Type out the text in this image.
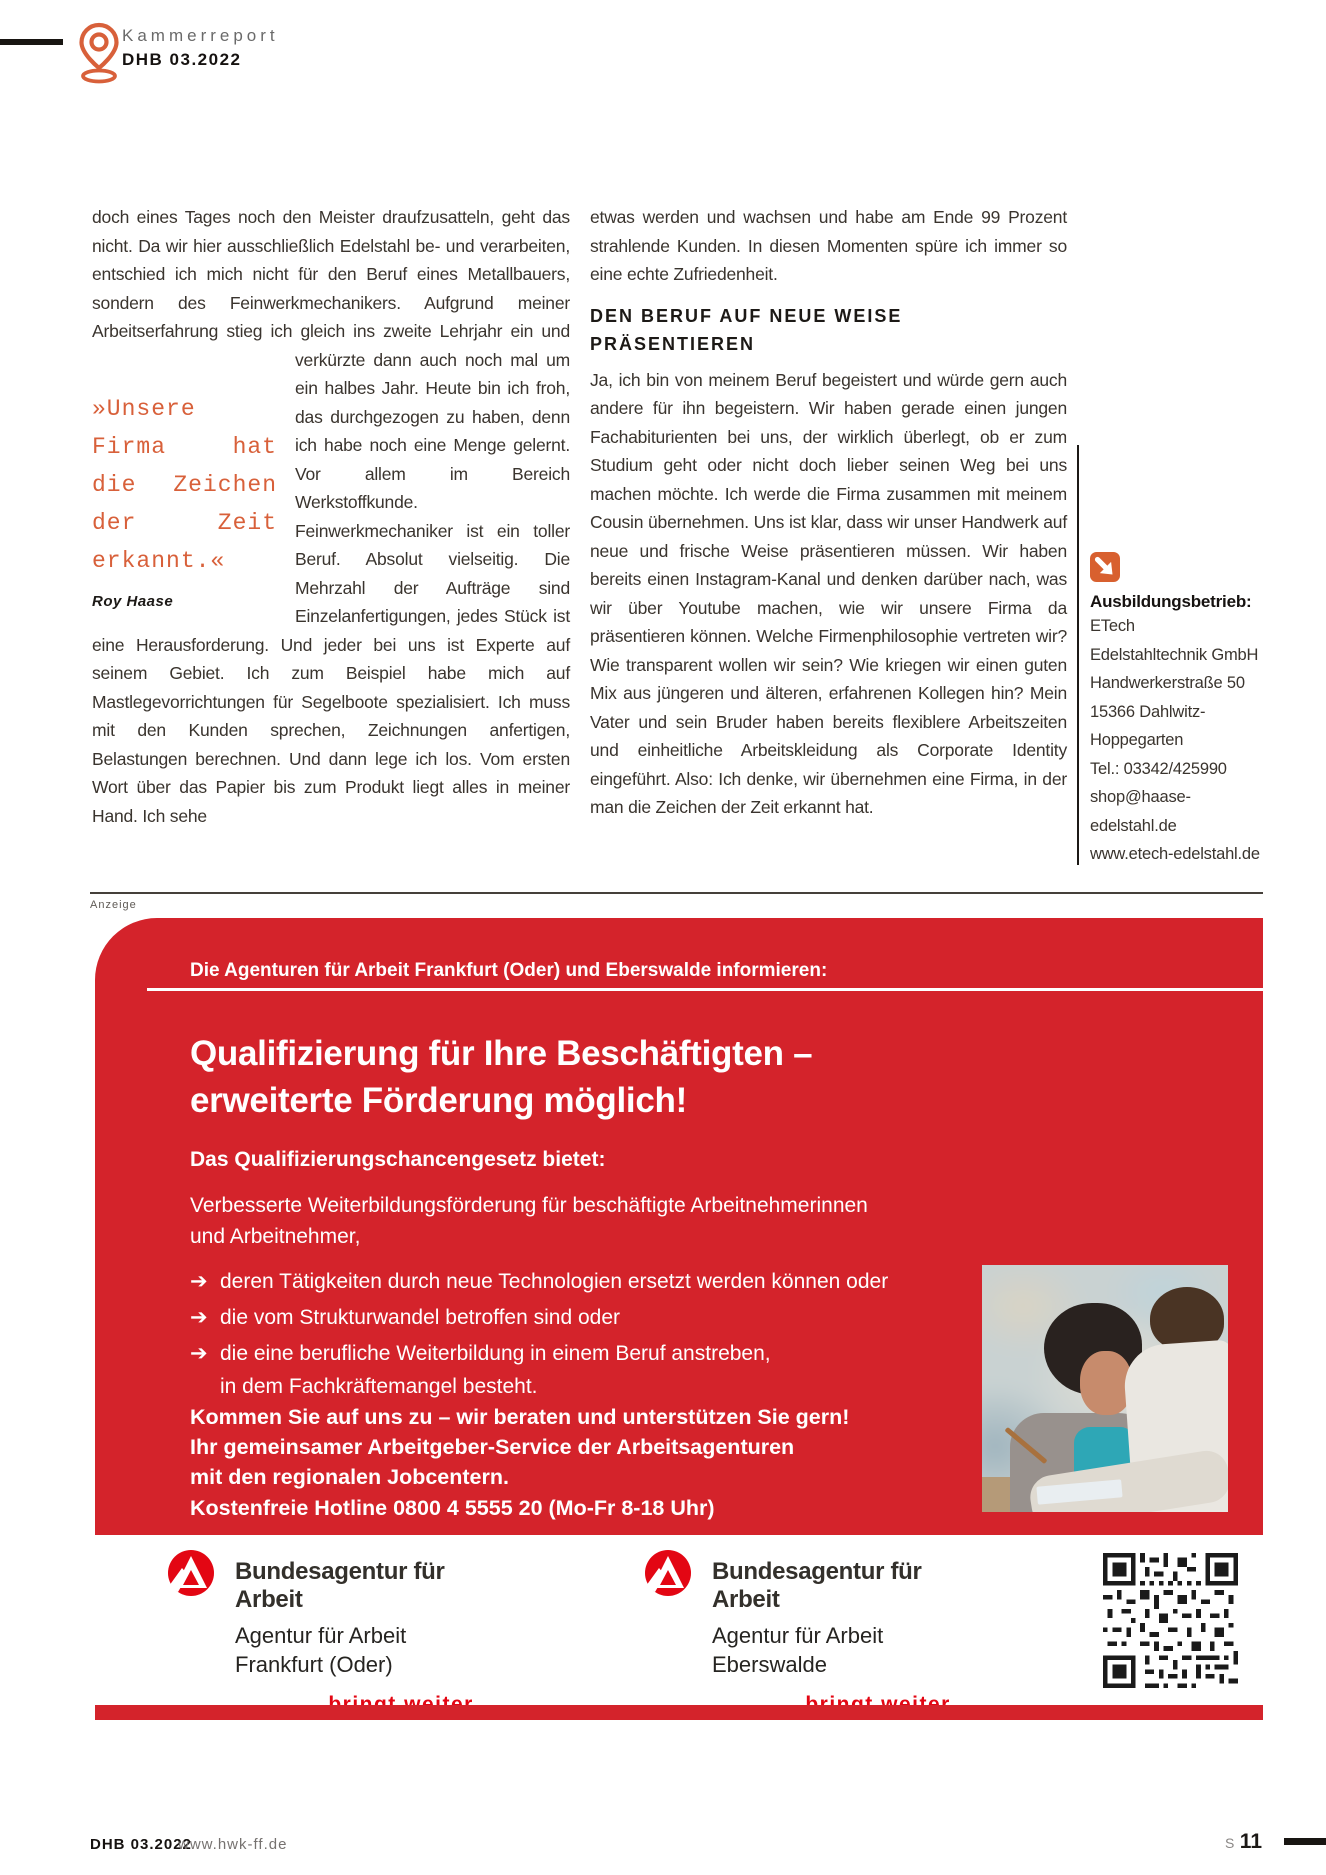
Kammerreport
DHB 03.2022
doch eines Tages noch den Meister draufzusatteln, geht das nicht. Da wir hier ausschließlich Edelstahl be- und verarbeiten, entschied ich mich nicht für den Beruf eines Metallbauers, sondern des Feinwerkmechanikers. Aufgrund meiner Arbeitserfahrung stieg ich gleich ins zweite Lehrjahr ein und verkürzte dann auch noch mal
»Unsere Firma hat die Zeichen der Zeit erkannt.«
Roy Haase
um ein halbes Jahr. Heute bin ich froh, das durchgezogen zu haben, denn ich habe noch eine Menge gelernt. Vor allem im Bereich Werkstoffkunde. Feinwerkmechaniker ist ein toller Beruf. Absolut vielseitig. Die Mehrzahl der Aufträge sind Einzelanfertigungen, jedes Stück ist eine Herausforderung. Und jeder bei uns ist Experte auf seinem Gebiet. Ich zum Beispiel habe mich auf Mastlegevorrichtungen für Segelboote spezialisiert. Ich muss mit den Kunden sprechen, Zeichnungen anfertigen, Belastungen berechnen. Und dann lege ich los. Vom ersten Wort über das Papier bis zum Produkt liegt alles in meiner Hand. Ich sehe

etwas werden und wachsen und habe am Ende 99 Prozent strahlende Kunden. In diesen Momenten spüre ich immer so eine echte Zufriedenheit.

DEN BERUF AUF NEUE WEISE PRÄSENTIEREN

Ja, ich bin von meinem Beruf begeistert und würde gern auch andere für ihn begeistern. Wir haben gerade einen jungen Fachabiturienten bei uns, der wirklich überlegt, ob er zum Studium geht oder nicht doch lieber seinen Weg bei uns machen möchte. Ich werde die Firma zusammen mit meinem Cousin übernehmen. Uns ist klar, dass wir unser Handwerk auf neue und frische Weise präsentieren müssen. Wir haben bereits einen Instagram-Kanal und denken darüber nach, was wir über Youtube machen, wie wir unsere Firma da präsentieren können. Welche Firmenphilosophie vertreten wir? Wie transparent wollen wir sein? Wie kriegen wir einen guten Mix aus jüngeren und älteren, erfahrenen Kollegen hin? Mein Vater und sein Bruder haben bereits flexiblere Arbeitszeiten und einheitliche Arbeitskleidung als Corporate Identity eingeführt. Also: Ich denke, wir übernehmen eine Firma, in der man die Zeichen der Zeit erkannt hat.

Ausbildungsbetrieb:
ETech
Edelstahltechnik GmbH
Handwerkerstraße 50
15366 Dahlwitz-
Hoppegarten
Tel.: 03342/425990
shop@haase-
edelstahl.de
www.etech-edelstahl.de
Anzeige
Die Agenturen für Arbeit Frankfurt (Oder) und Eberswalde informieren:
Qualifizierung für Ihre Beschäftigten –
erweiterte Förderung möglich!
Das Qualifizierungschancengesetz bietet:
Verbesserte Weiterbildungsförderung für beschäftigte Arbeitnehmerinnen und Arbeitnehmer,
➔ deren Tätigkeiten durch neue Technologien ersetzt werden können oder
➔ die vom Strukturwandel betroffen sind oder
➔ die eine berufliche Weiterbildung in einem Beruf anstreben,
in dem Fachkräftemangel besteht.
Kommen Sie auf uns zu – wir beraten und unterstützen Sie gern!
Ihr gemeinsamer Arbeitgeber-Service der Arbeitsagenturen
mit den regionalen Jobcentern.
Kostenfreie Hotline 0800 4 5555 20 (Mo-Fr 8-18 Uhr)
Bundesagentur für Arbeit
Agentur für Arbeit
Frankfurt (Oder)
Bundesagentur für Arbeit
Agentur für Arbeit
Eberswalde
DHB 03.2022
www.hwk-ff.de	S 11
